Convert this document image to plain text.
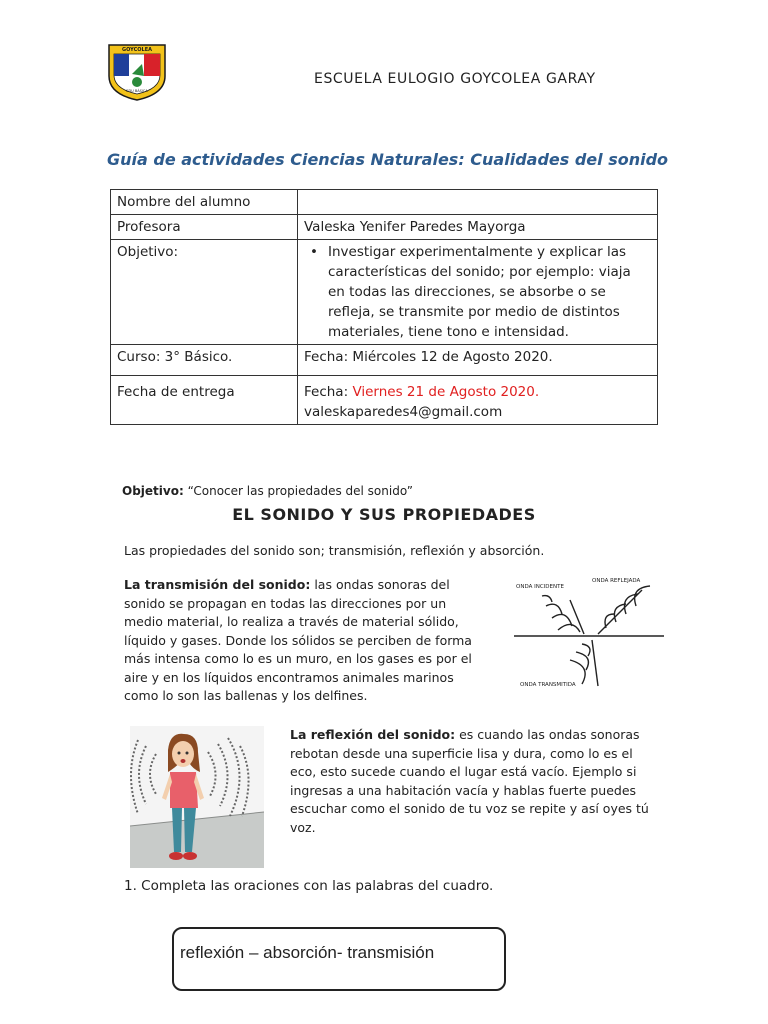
GOYCOLEA
EDU BÁSICA
ESCUELA EULOGIO GOYCOLEA GARAY
Guía de actividades Ciencias Naturales: Cualidades del sonido
Nombre del alumno	
Profesora	Valeska Yenifer Paredes Mayorga
Objetivo:	• Investigar experimentalmente y explicar las características del sonido; por ejemplo: viaja en todas las direcciones, se absorbe o se refleja, se transmite por medio de distintos materiales, tiene tono e intensidad.

Curso: 3° Básico.	Fecha: Miércoles 12 de Agosto 2020.
Fecha de entrega	Fecha: Viernes 21 de Agosto 2020.
valeskaparedes4@gmail.com
Objetivo: “Conocer las propiedades del sonido”
EL SONIDO Y SUS PROPIEDADES
Las propiedades del sonido son; transmisión, reflexión y absorción.
La transmisión del sonido: las ondas sonoras del sonido se propagan en todas las direcciones por un medio material, lo realiza a través de material sólido, líquido y gases. Donde los sólidos se perciben de forma más intensa como lo es un muro, en los gases es por el aire y en los líquidos encontramos animales marinos como lo son las ballenas y los delfines.
ONDA INCIDENTE
ONDA REFLEJADA
ONDA TRANSMITIDA
La reflexión del sonido: es cuando las ondas sonoras rebotan desde una superficie lisa y dura, como lo es el eco, esto sucede cuando el lugar está vacío. Ejemplo si ingresas a una habitación vacía y hablas fuerte puedes escuchar como el sonido de tu voz se repite y así oyes tú voz.
1. Completa las oraciones con las palabras del cuadro.
reflexión – absorción- transmisión
